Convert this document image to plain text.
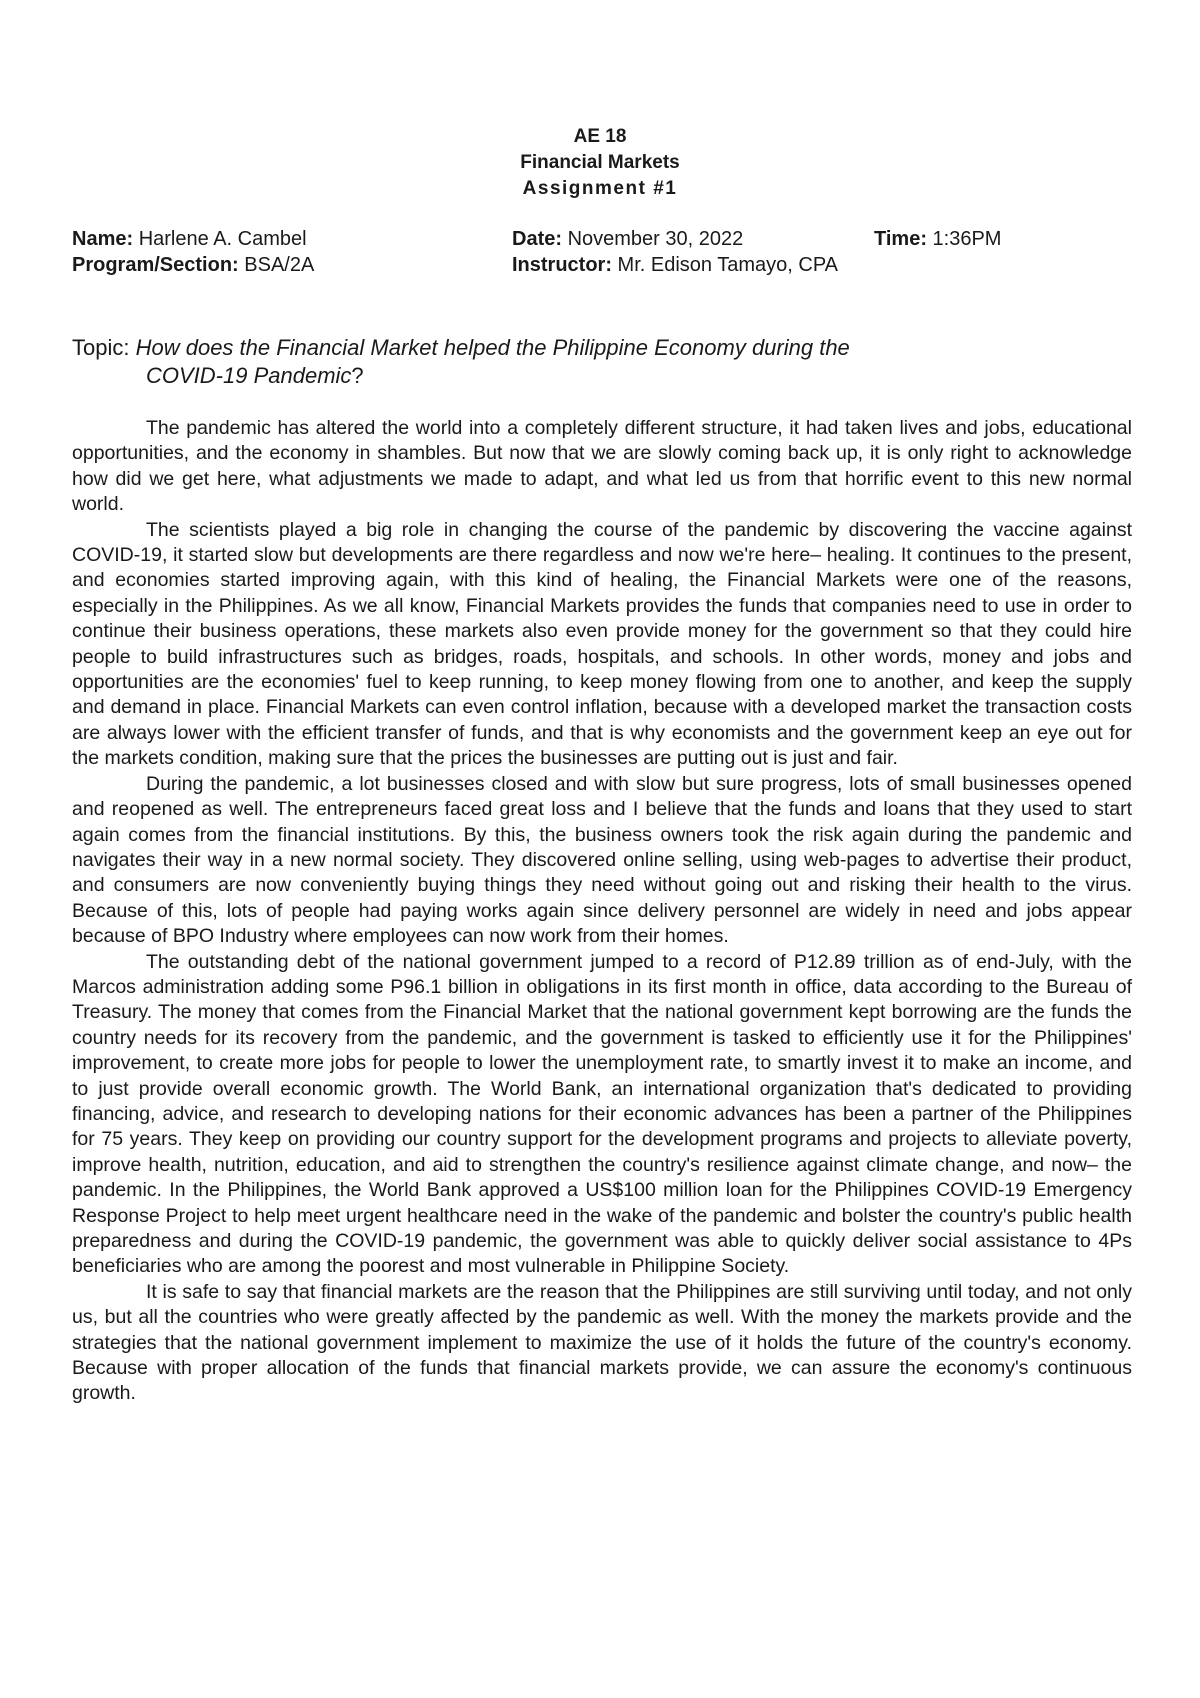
AE 18
Financial Markets
Assignment #1
Name: Harlene A. Cambel
Program/Section: BSA/2A
Date: November 30, 2022
Instructor: Mr. Edison Tamayo, CPA
Time: 1:36PM
Topic: How does the Financial Market helped the Philippine Economy during the
COVID-19 Pandemic?

The pandemic has altered the world into a completely different structure, it had taken lives and jobs, educational opportunities, and the economy in shambles. But now that we are slowly coming back up, it is only right to acknowledge how did we get here, what adjustments we made to adapt, and what led us from that horrific event to this new normal world.

The scientists played a big role in changing the course of the pandemic by discovering the vaccine against COVID-19, it started slow but developments are there regardless and now we're here– healing. It continues to the present, and economies started improving again, with this kind of healing, the Financial Markets were one of the reasons, especially in the Philippines. As we all know, Financial Markets provides the funds that companies need to use in order to continue their business operations, these markets also even provide money for the government so that they could hire people to build infrastructures such as bridges, roads, hospitals, and schools. In other words, money and jobs and opportunities are the economies' fuel to keep running, to keep money flowing from one to another, and keep the supply and demand in place. Financial Markets can even control inflation, because with a developed market the transaction costs are always lower with the efficient transfer of funds, and that is why economists and the government keep an eye out for the markets condition, making sure that the prices the businesses are putting out is just and fair.

During the pandemic, a lot businesses closed and with slow but sure progress, lots of small businesses opened and reopened as well. The entrepreneurs faced great loss and I believe that the funds and loans that they used to start again comes from the financial institutions. By this, the business owners took the risk again during the pandemic and navigates their way in a new normal society. They discovered online selling, using web-pages to advertise their product, and consumers are now conveniently buying things they need without going out and risking their health to the virus. Because of this, lots of people had paying works again since delivery personnel are widely in need and jobs appear because of BPO Industry where employees can now work from their homes.

The outstanding debt of the national government jumped to a record of P12.89 trillion as of end-July, with the Marcos administration adding some P96.1 billion in obligations in its first month in office, data according to the Bureau of Treasury. The money that comes from the Financial Market that the national government kept borrowing are the funds the country needs for its recovery from the pandemic, and the government is tasked to efficiently use it for the Philippines' improvement, to create more jobs for people to lower the unemployment rate, to smartly invest it to make an income, and to just provide overall economic growth. The World Bank, an international organization that's dedicated to providing financing, advice, and research to developing nations for their economic advances has been a partner of the Philippines for 75 years. They keep on providing our country support for the development programs and projects to alleviate poverty, improve health, nutrition, education, and aid to strengthen the country's resilience against climate change, and now– the pandemic. In the Philippines, the World Bank approved a US$100 million loan for the Philippines COVID-19 Emergency Response Project to help meet urgent healthcare need in the wake of the pandemic and bolster the country's public health preparedness and during the COVID-19 pandemic, the government was able to quickly deliver social assistance to 4Ps beneficiaries who are among the poorest and most vulnerable in Philippine Society.

It is safe to say that financial markets are the reason that the Philippines are still surviving until today, and not only us, but all the countries who were greatly affected by the pandemic as well. With the money the markets provide and the strategies that the national government implement to maximize the use of it holds the future of the country's economy. Because with proper allocation of the funds that financial markets provide, we can assure the economy's continuous growth.
